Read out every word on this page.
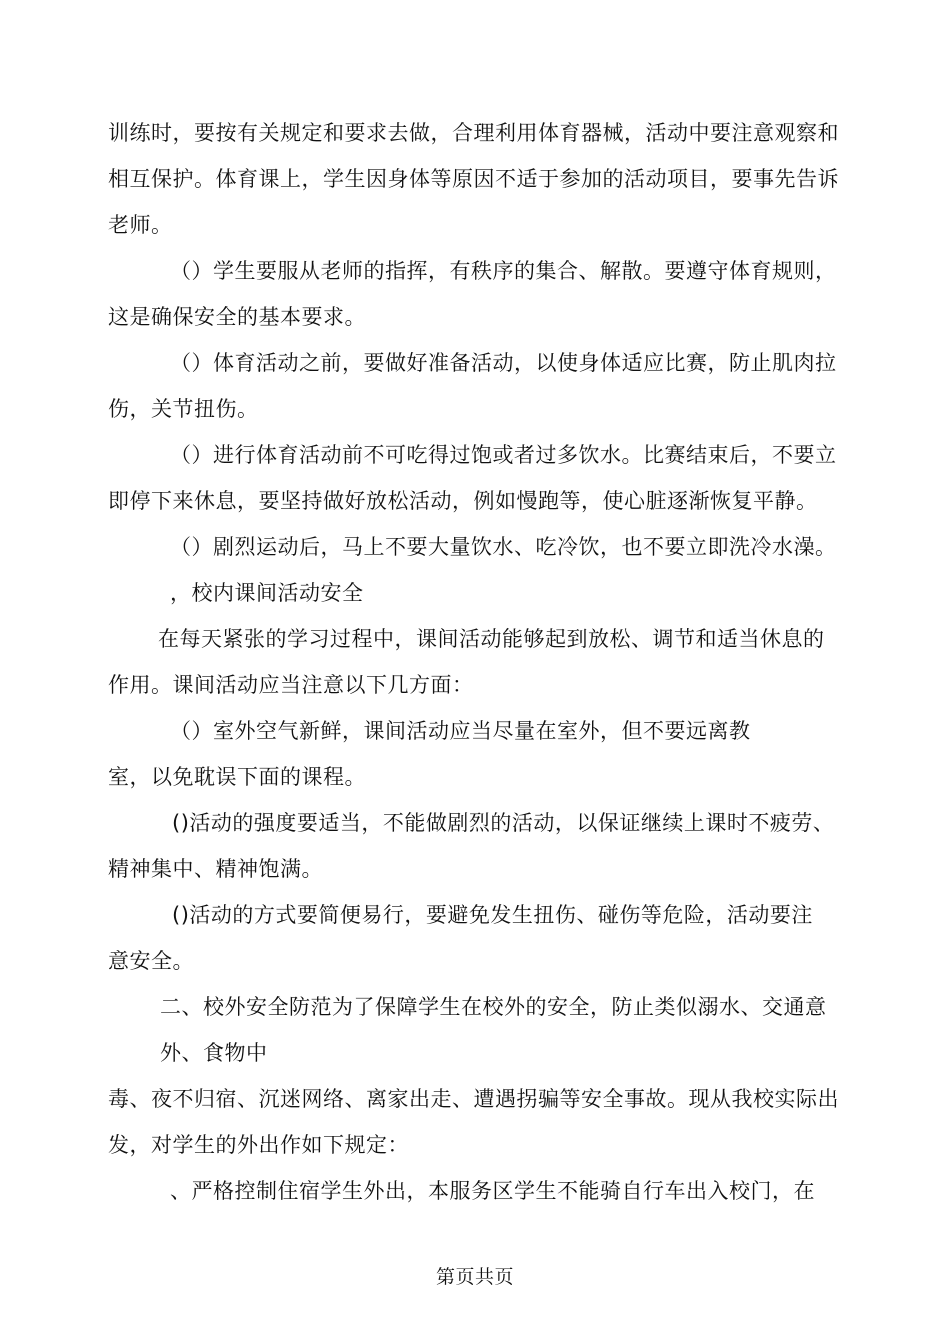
训练时，要按有关规定和要求去做，合理利用体育器械，活动中要注意观察和
相互保护。体育课上，学生因身体等原因不适于参加的活动项目，要事先告诉
老师。
（）学生要服从老师的指挥，有秩序的集合、解散。要遵守体育规则，
这是确保安全的基本要求。
（）体育活动之前，要做好准备活动，以使身体适应比赛，防止肌肉拉
伤，关节扭伤。
（）进行体育活动前不可吃得过饱或者过多饮水。比赛结束后，不要立
即停下来休息，要坚持做好放松活动，例如慢跑等，使心脏逐渐恢复平静。
（）剧烈运动后，马上不要大量饮水、吃冷饮，也不要立即洗冷水澡。
，校内课间活动安全
在每天紧张的学习过程中，课间活动能够起到放松、调节和适当休息的
作用。课间活动应当注意以下几方面：
（）室外空气新鲜，课间活动应当尽量在室外，但不要远离教
室，以免耽误下面的课程。
()活动的强度要适当，不能做剧烈的活动，以保证继续上课时不疲劳、
精神集中、精神饱满。
()活动的方式要简便易行，要避免发生扭伤、碰伤等危险，活动要注
意安全。
二、校外安全防范为了保障学生在校外的安全，防止类似溺水、交通意
外、食物中
毒、夜不归宿、沉迷网络、离家出走、遭遇拐骗等安全事故。现从我校实际出
发，对学生的外出作如下规定：
、严格控制住宿学生外出，本服务区学生不能骑自行车出入校门，在
第页共页
